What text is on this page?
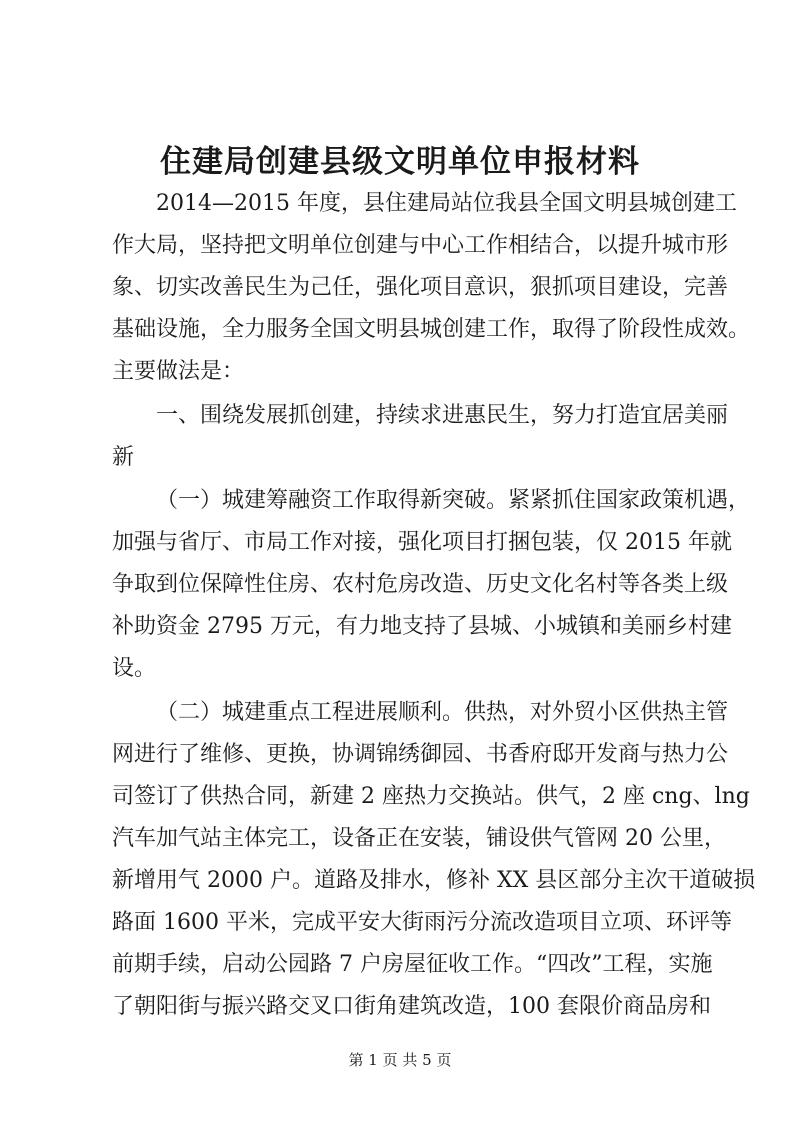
住建局创建县级文明单位申报材料
2014—2015 年度，县住建局站位我县全国文明县城创建工
作大局，坚持把文明单位创建与中心工作相结合，以提升城市形
象、切实改善民生为己任，强化项目意识，狠抓项目建设，完善
基础设施，全力服务全国文明县城创建工作，取得了阶段性成效。
主要做法是：
一、围绕发展抓创建，持续求进惠民生，努力打造宜居美丽
新
（一）城建筹融资工作取得新突破。紧紧抓住国家政策机遇，
加强与省厅、市局工作对接，强化项目打捆包装，仅 2015 年就
争取到位保障性住房、农村危房改造、历史文化名村等各类上级
补助资金 2795 万元，有力地支持了县城、小城镇和美丽乡村建
设。
（二）城建重点工程进展顺利。供热，对外贸小区供热主管
网进行了维修、更换，协调锦绣御园、书香府邸开发商与热力公
司签订了供热合同，新建 2 座热力交换站。供气，2 座 cng、lng
汽车加气站主体完工，设备正在安装，铺设供气管网 20 公里，
新增用气 2000 户。道路及排水，修补 XX 县区部分主次干道破损
路面 1600 平米，完成平安大街雨污分流改造项目立项、环评等
前期手续，启动公园路 7 户房屋征收工作。“四改”工程，实施
了朝阳街与振兴路交叉口街角建筑改造，100 套限价商品房和
第 1 页 共 5 页
